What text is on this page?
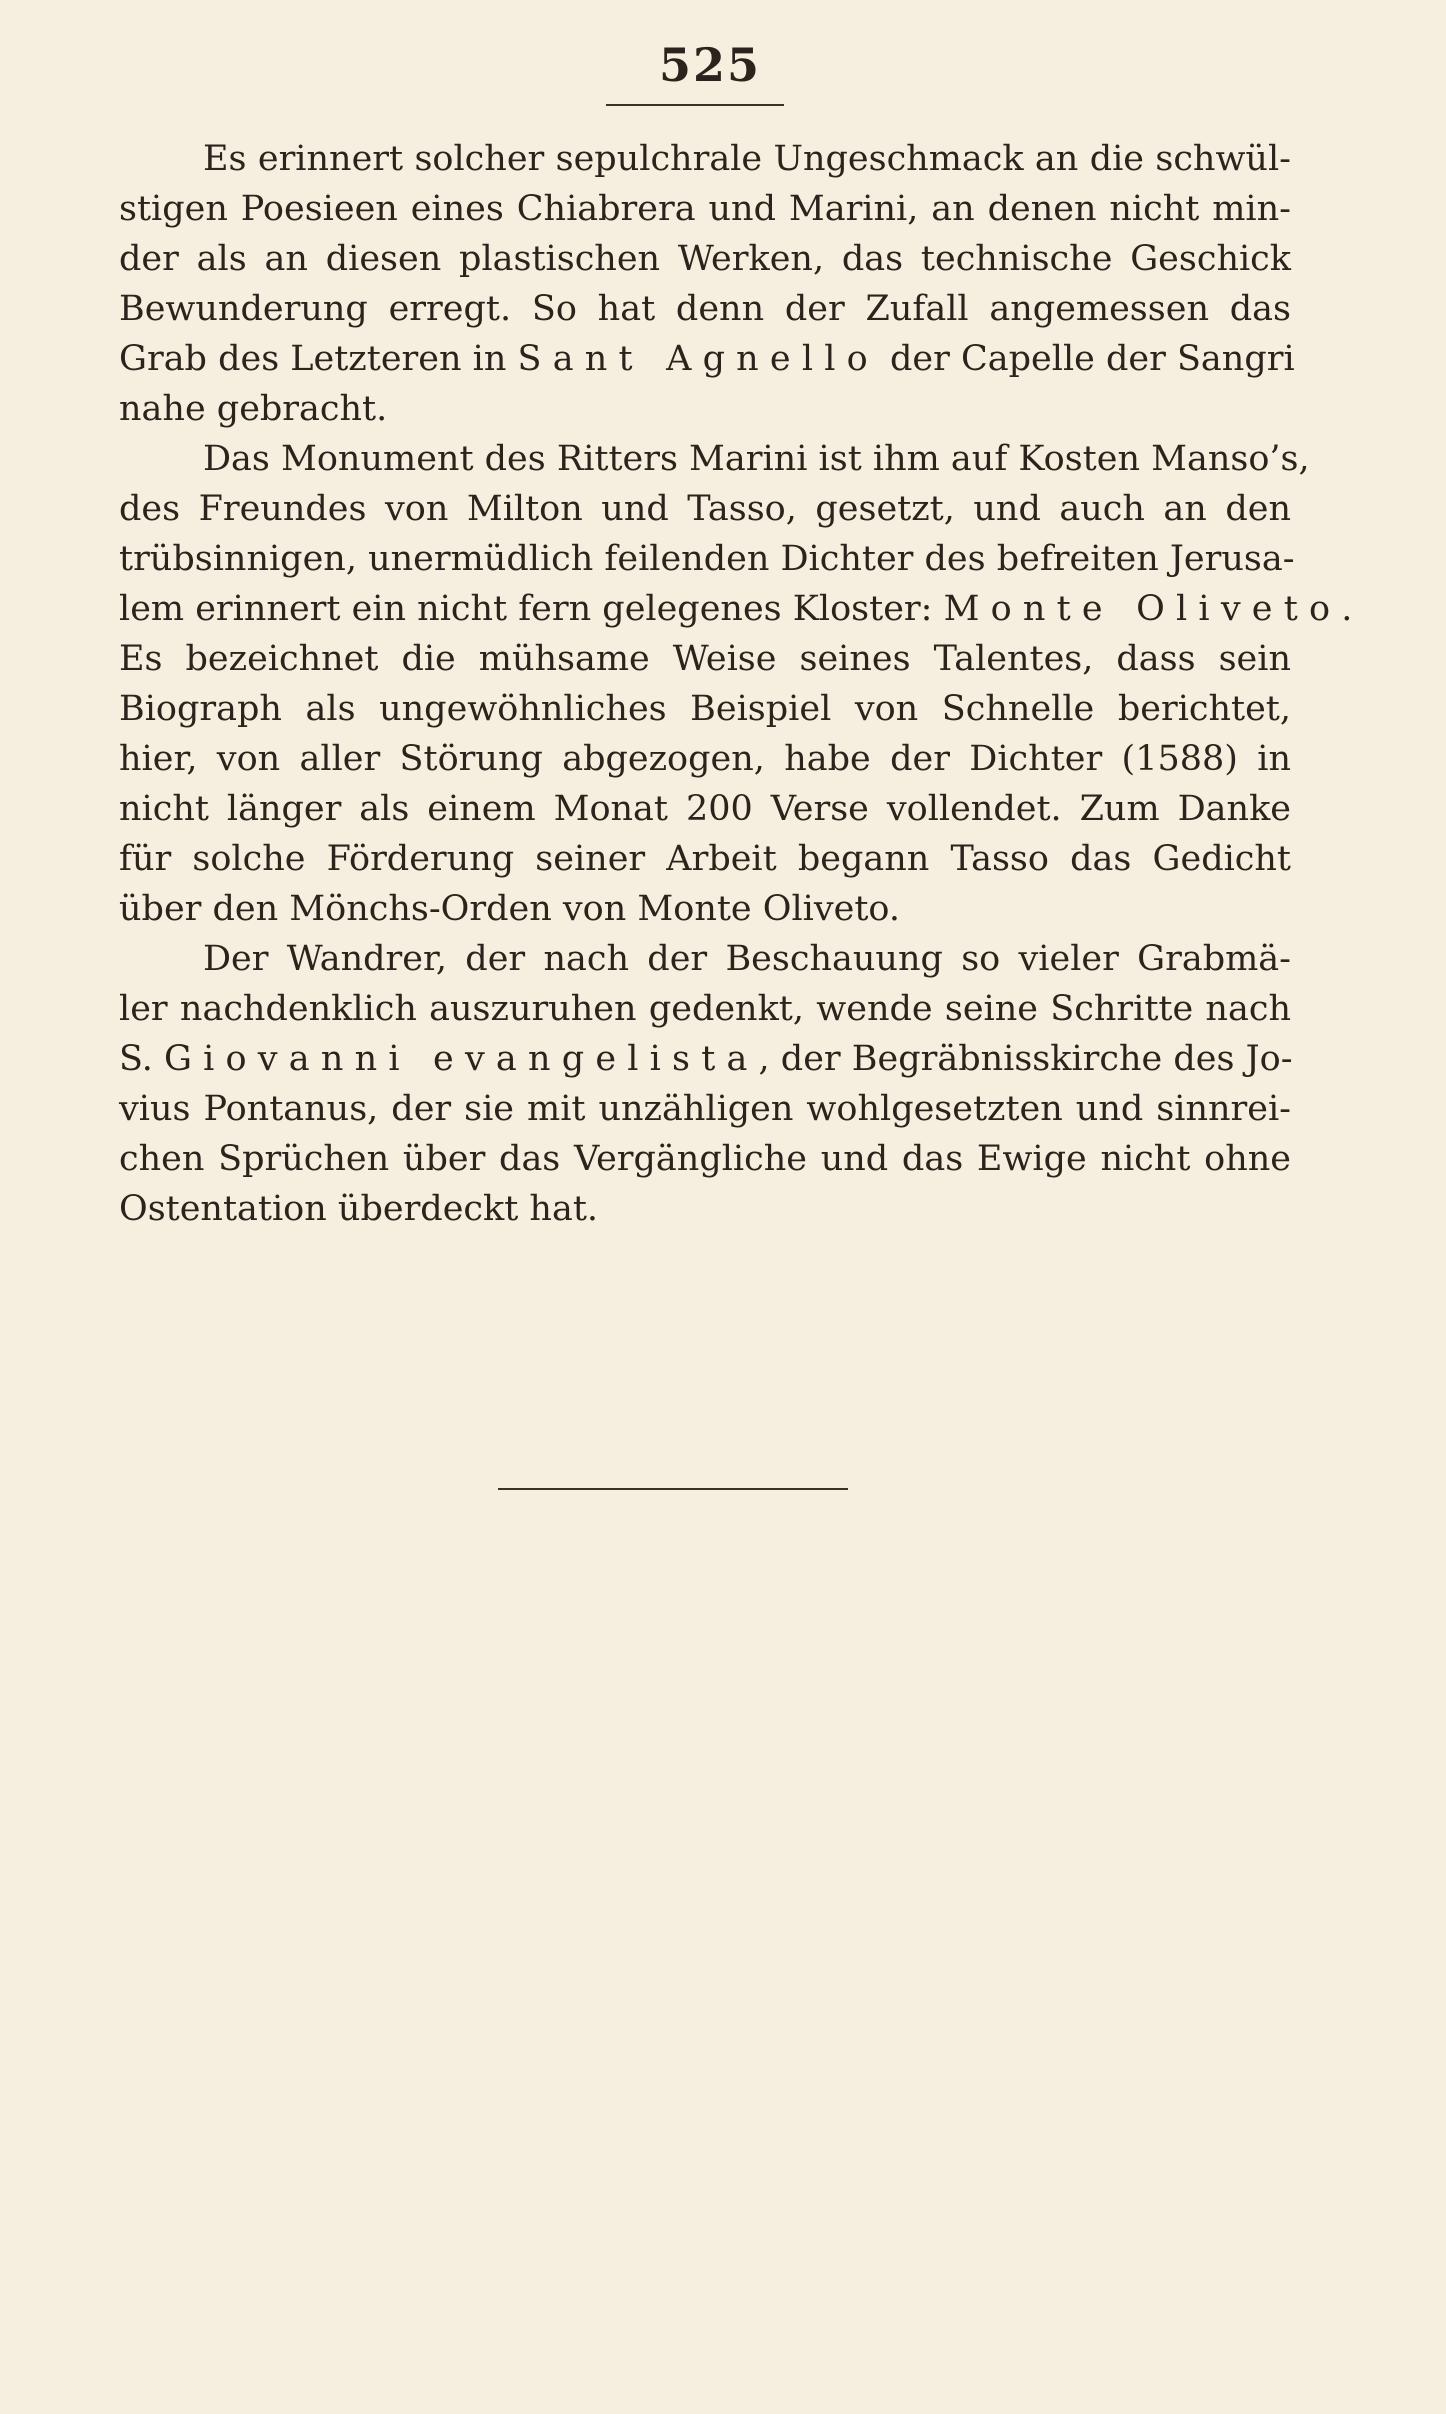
525
Es erinnert solcher sepulchrale Ungeschmack an die schwül-
stigen Poesieen eines Chiabrera und Marini, an denen nicht min-
der als an diesen plastischen Werken, das technische Geschick
Bewunderung erregt. So hat denn der Zufall angemessen das
Grab des Letzteren in Sant Agnello der Capelle der Sangri
nahe gebracht.
Das Monument des Ritters Marini ist ihm auf Kosten Manso’s,
des Freundes von Milton und Tasso, gesetzt, und auch an den
trübsinnigen, unermüdlich feilenden Dichter des befreiten Jerusa-
lem erinnert ein nicht fern gelegenes Kloster: Monte Oliveto.
Es bezeichnet die mühsame Weise seines Talentes, dass sein
Biograph als ungewöhnliches Beispiel von Schnelle berichtet,
hier, von aller Störung abgezogen, habe der Dichter (1588) in
nicht länger als einem Monat 200 Verse vollendet. Zum Danke
für solche Förderung seiner Arbeit begann Tasso das Gedicht
über den Mönchs-Orden von Monte Oliveto.
Der Wandrer, der nach der Beschauung so vieler Grabmä-
ler nachdenklich auszuruhen gedenkt, wende seine Schritte nach
S. Giovanni evangelista, der Begräbnisskirche des Jo-
vius Pontanus, der sie mit unzähligen wohlgesetzten und sinnrei-
chen Sprüchen über das Vergängliche und das Ewige nicht ohne
Ostentation überdeckt hat.
